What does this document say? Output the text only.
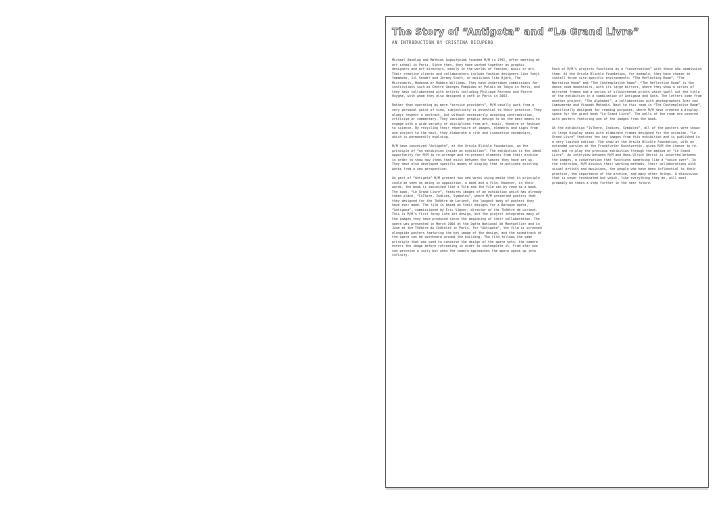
The Story of “Antigota” and “Le Grand Livre”
AN INTRODUCTION BY CRISTINA RICUPERO

Michael Amzalag and Mathias Augustyniak founded M/M in 1992, after meeting at art school in Paris. Since then, they have worked together as graphic designers and art directors, mainly in the worlds of fashion, music or art. Their creative clients and collaborators include fashion designers like Yohji Yamamoto, Jil Sander and Jeremy Scott, or musicians like Björk, The Micronauts, Madonna or Robbie Williams. They have undertaken commissions for institutions such as Centre Georges Pompidou or Palais de Tokyo in Paris, and they have collaborated with artists including Philippe Parreno and Pierre Huyghe, with whom they also designed a café in Paris in 2003.

Rather than operating as mere “service providers”, M/M usually work from a very personal point of view, subjectivity is essential to their practice. They always respect a contract, but without necessarily avoiding contradiction, criticism or commentary. They consider graphic design to be the best means to engage with a wide variety of disciplines from art, music, theatre or fashion to science. By recycling their repertoire of images, elements and signs from one project to the next, they elaborate a rich and innovative vocabulary, which is permanently evolving.

M/M have conceived “Antigota”, at the Ursula Blickle Foundation, on the principle of “an exhibition inside an exhibition”. The exhibition is the ideal opportunity for M/M to re-arrange and re-present elements from their archive in order to show how items that exist between the spaces they have set up. They have also developed specific modes of display that re-activate existing works from a new perspective.

As part of “Antigota” M/M present two new works using media that in principle could be seen as being in opposition, a book and a film. However, in their words, the book is conceived like a film and the film can by read as a book. The book, “Le Grand Livre”, features images of an exhibition which has already taken place, “IsThere, Indices, Symboles”, where M/M presented posters that they designed for the Théâtre de Lorient, the longest body of posters they have ever made. The film is based on their designs for a Baroque opera, “Antigona”, commissioned by Éric Vigner, director of the Théâtre de Lorient. This is M/M’s first foray into set design, but the project integrates many of the images they have produced since the beginning of their collaboration. The opera was presented in March 2004 at the Opéra National de Montpellier and in June at the Théâtre du Châtelet in Paris. For “Antigota”, the film is screened alongside posters featuring the key image of the design, and the soundtrack of the opera can be overheard around the building. The film follows the same principle that was used to conceive the design of the opera sets: the camera enters the image before retreating in order to contemplate it, from afar one can perceive a unity but when the camera approaches the opera opens up into infinity.

Each of M/M’s projects functions as a “conversation” with those who commission them. At the Ursula Blickle Foundation, for example, they have chosen to install three site-specific environments: “The Reflecting Room”, “The Narrative Room” and “The Contemplative Room”. “The Reflective Room” is the dance room downstairs, with its large mirrors, where they show a series of mirrored frames and a series of silkscreened prints which spell out the title of the exhibition in a combination of Antigona and Gota. The letters come from another project, “The Alphabet”, a collaboration with photographers Inez van Lamsweerde and Vinoodh Matadin. Next to this room is “The Contemplative Room”, specifically designed for reading purposes, where M/M have created a display-space for the giant book “Le Grand Livre”. The walls of the room are covered with posters featuring one of the images from the book.

At the exhibition “IsThere, Indices, Symboles”, all of the posters were shown in large display cases with elaborate frames designed for the occasion. “Le Grand Livre” features ten key images from this exhibition and is published in a very limited edition. The show at the Ursula Blickle Foundation, with an extended version at the Frankfurter Kunstverein, gives M/M the chance to re-edit and re-play the previous exhibition through the medium of “Le Grand Livre”. An interview between M/M and Hans-Ulrich Obrist is inserted between the images, a conversation that functions something like a “voice over”. In the interview, M/M discuss their working methods, their collaborations with visual artists and musicians, the people who have been influential to their practice, the importance of the archive, and many other things. A discussion that is never terminated but which, like everything they do, will most probably be taken a step further in the near future.
